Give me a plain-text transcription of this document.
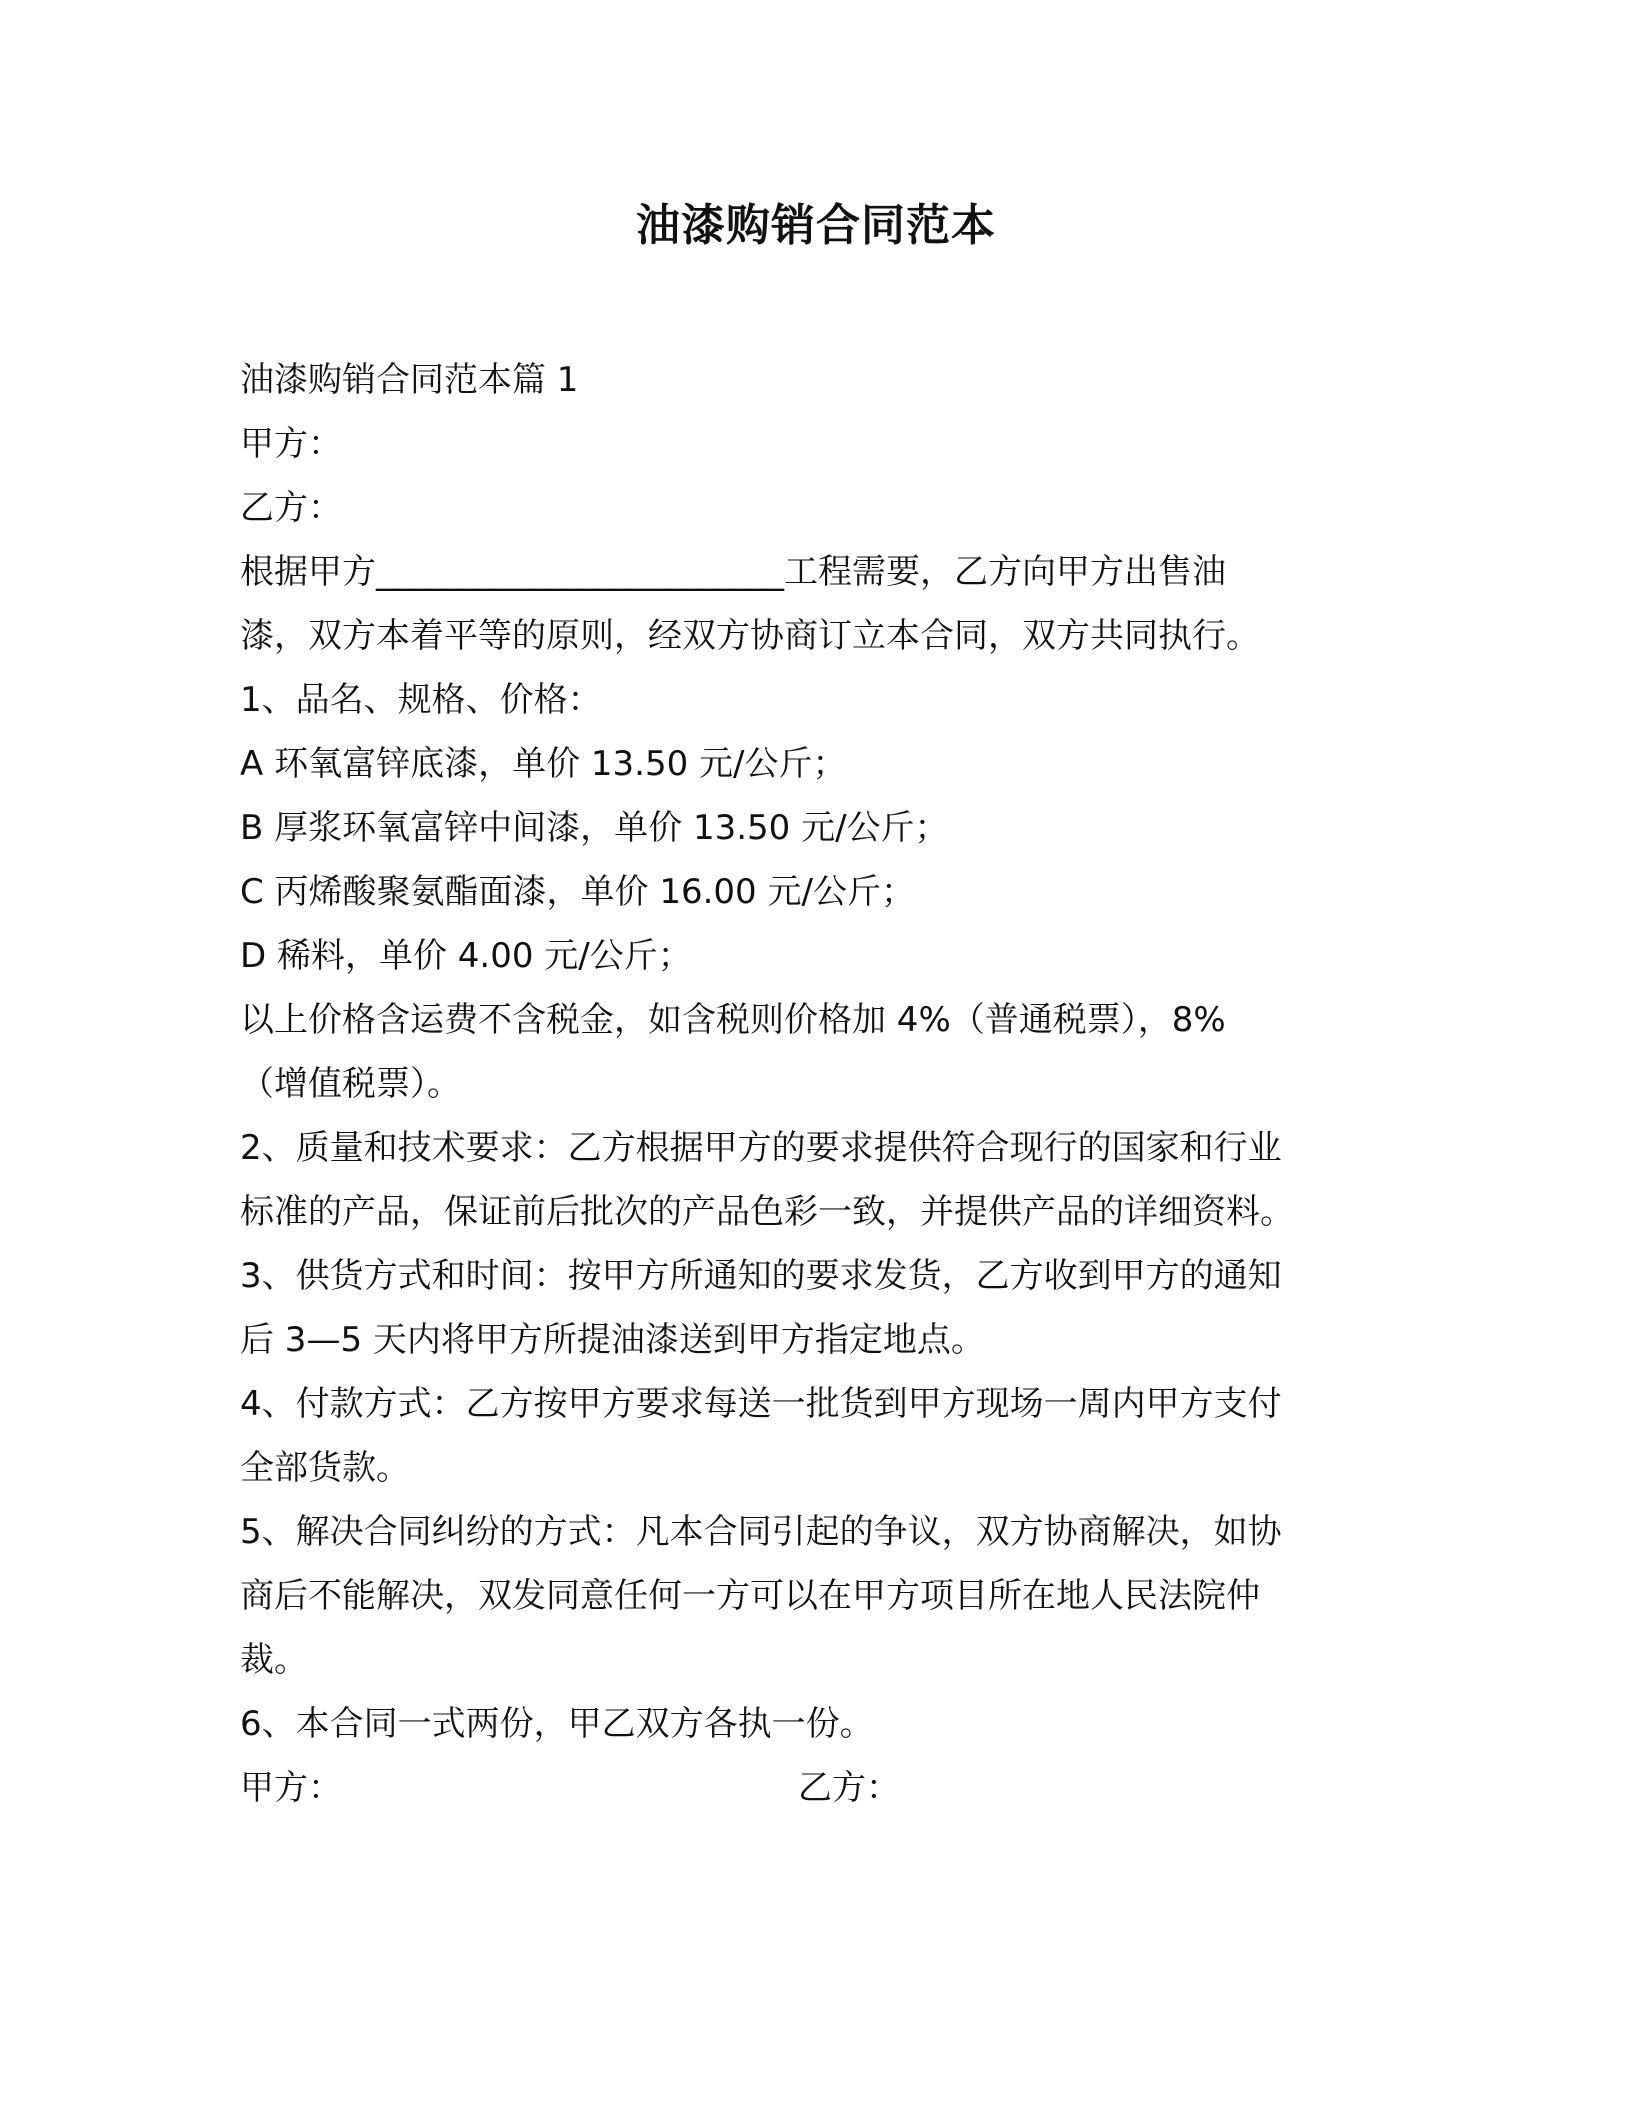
油漆购销合同范本
油漆购销合同范本篇 1
甲方：
乙方：
根据甲方________________________工程需要，乙方向甲方出售油
漆，双方本着平等的原则，经双方协商订立本合同，双方共同执行。
1、品名、规格、价格：
A 环氧富锌底漆，单价 13.50 元/公斤；
B 厚浆环氧富锌中间漆，单价 13.50 元/公斤；
C 丙烯酸聚氨酯面漆，单价 16.00 元/公斤；
D 稀料，单价 4.00 元/公斤；
以上价格含运费不含税金，如含税则价格加 4%（普通税票），8%
（增值税票）。
2、质量和技术要求：乙方根据甲方的要求提供符合现行的国家和行业
标准的产品，保证前后批次的产品色彩一致，并提供产品的详细资料。
3、供货方式和时间：按甲方所通知的要求发货，乙方收到甲方的通知
后 3—5 天内将甲方所提油漆送到甲方指定地点。
4、付款方式：乙方按甲方要求每送一批货到甲方现场一周内甲方支付
全部货款。
5、解决合同纠纷的方式：凡本合同引起的争议，双方协商解决，如协
商后不能解决，双发同意任何一方可以在甲方项目所在地人民法院仲
裁。
6、本合同一式两份，甲乙双方各执一份。
甲方：	乙方：
